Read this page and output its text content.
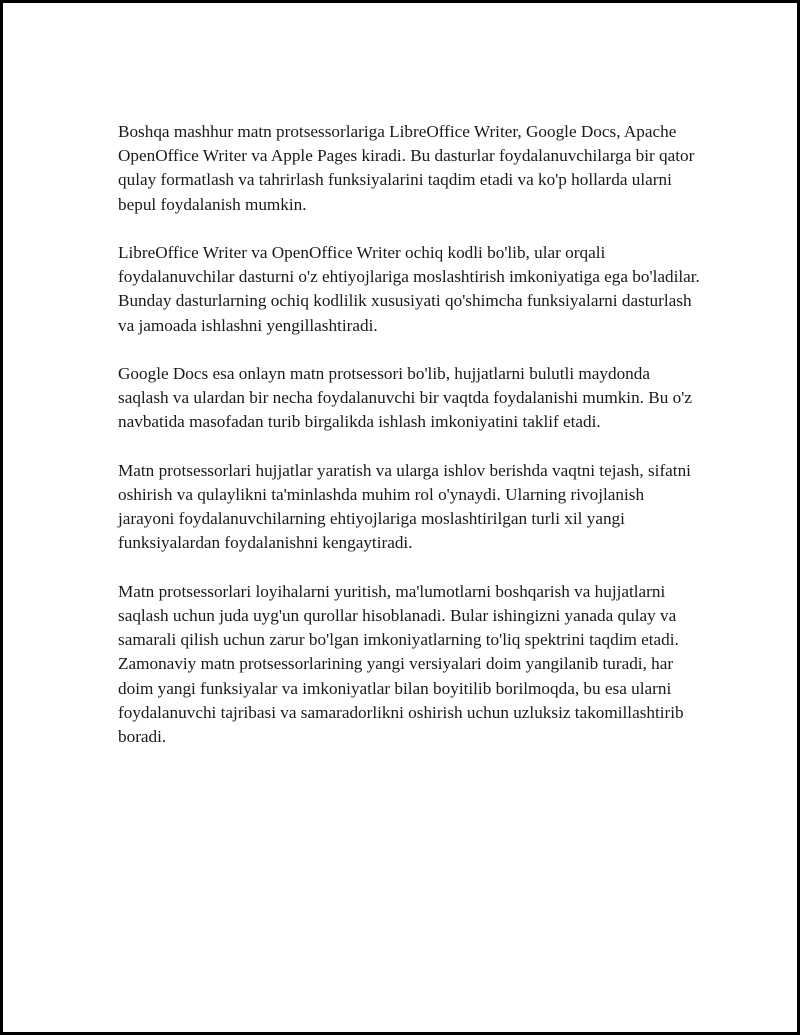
Boshqa mashhur matn protsessorlariga LibreOffice Writer, Google Docs, Apache OpenOffice Writer va Apple Pages kiradi. Bu dasturlar foydalanuvchilarga bir qator qulay formatlash va tahrirlash funksiyalarini taqdim etadi va ko'p hollarda ularni bepul foydalanish mumkin.

LibreOffice Writer va OpenOffice Writer ochiq kodli bo'lib, ular orqali foydalanuvchilar dasturni o'z ehtiyojlariga moslashtirish imkoniyatiga ega bo'ladilar. Bunday dasturlarning ochiq kodlilik xususiyati qo'shimcha funksiyalarni dasturlash va jamoada ishlashni yengillashtiradi.

Google Docs esa onlayn matn protsessori bo'lib, hujjatlarni bulutli maydonda saqlash va ulardan bir necha foydalanuvchi bir vaqtda foydalanishi mumkin. Bu o'z navbatida masofadan turib birgalikda ishlash imkoniyatini taklif etadi.

Matn protsessorlari hujjatlar yaratish va ularga ishlov berishda vaqtni tejash, sifatni oshirish va qulaylikni ta'minlashda muhim rol o'ynaydi. Ularning rivojlanish jarayoni foydalanuvchilarning ehtiyojlariga moslashtirilgan turli xil yangi funksiyalardan foydalanishni kengaytiradi.

Matn protsessorlari loyihalarni yuritish, ma'lumotlarni boshqarish va hujjatlarni saqlash uchun juda uyg'un qurollar hisoblanadi. Bular ishingizni yanada qulay va samarali qilish uchun zarur bo'lgan imkoniyatlarning to'liq spektrini taqdim etadi. Zamonaviy matn protsessorlarining yangi versiyalari doim yangilanib turadi, har doim yangi funksiyalar va imkoniyatlar bilan boyitilib borilmoqda, bu esa ularni foydalanuvchi tajribasi va samaradorlikni oshirish uchun uzluksiz takomillashtirib boradi.
